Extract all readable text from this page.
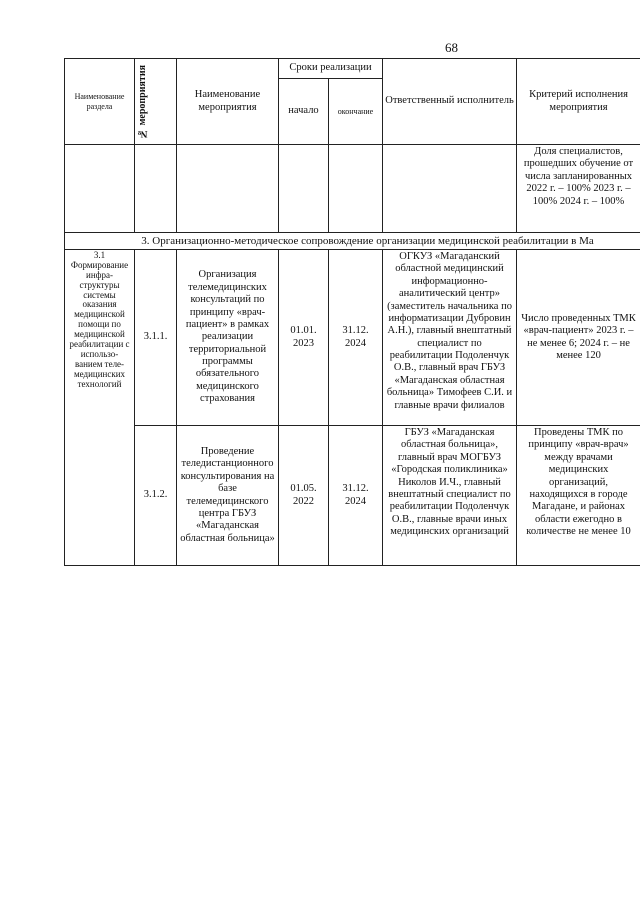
68
Наименование раздела	№ мероприятия	Наименование мероприятия	Сроки реализации		Ответственный исполнитель	Критерий исполнения мероприятия	
			начало	окончание			
						Доля специалистов, прошедших обучение от числа запланированных 2022 г. – 100% 2023 г. – 100% 2024 г. – 100%	
3. Организационно-методическое сопровождение организации медицинской реабилитации в Ма							
3.1 Формирование инфра-структуры системы оказания медицинской помощи по медицинской реабилитации с использо-ванием теле-медицинских технологий	3.1.1.	Организация телемедицинских консультаций по принципу «врач-пациент» в рамках реализации территориальной программы обязательного медицинского страхования	01.01. 2023	31.12. 2024	ОГКУЗ «Магаданский областной медицинский информационно-аналитический центр» (заместитель начальника по информатизации Дубровин А.Н.), главный внештатный специалист по реабилитации Подоленчук О.В., главный врач ГБУЗ «Магаданская областная больница» Тимофеев С.И. и главные врачи филиалов	Число проведенных ТМК «врач-пациент» 2023 г. – не менее 6; 2024 г. – не менее 120	
	3.1.2.	Проведение теледистанционного консультирования на базе телемедицинского центра ГБУЗ «Магаданская областная больница»	01.05. 2022	31.12. 2024	ГБУЗ «Магаданская областная больница», главный врач МОГБУЗ «Городская поликлиника» Николов И.Ч., главный внештатный специалист по реабилитации Подоленчук О.В., главные врачи иных медицинских организаций	Проведены ТМК по принципу «врач-врач» между врачами медицинских организаций, находящихся в городе Магадане, и районах области ежегодно в количестве не менее 10	
